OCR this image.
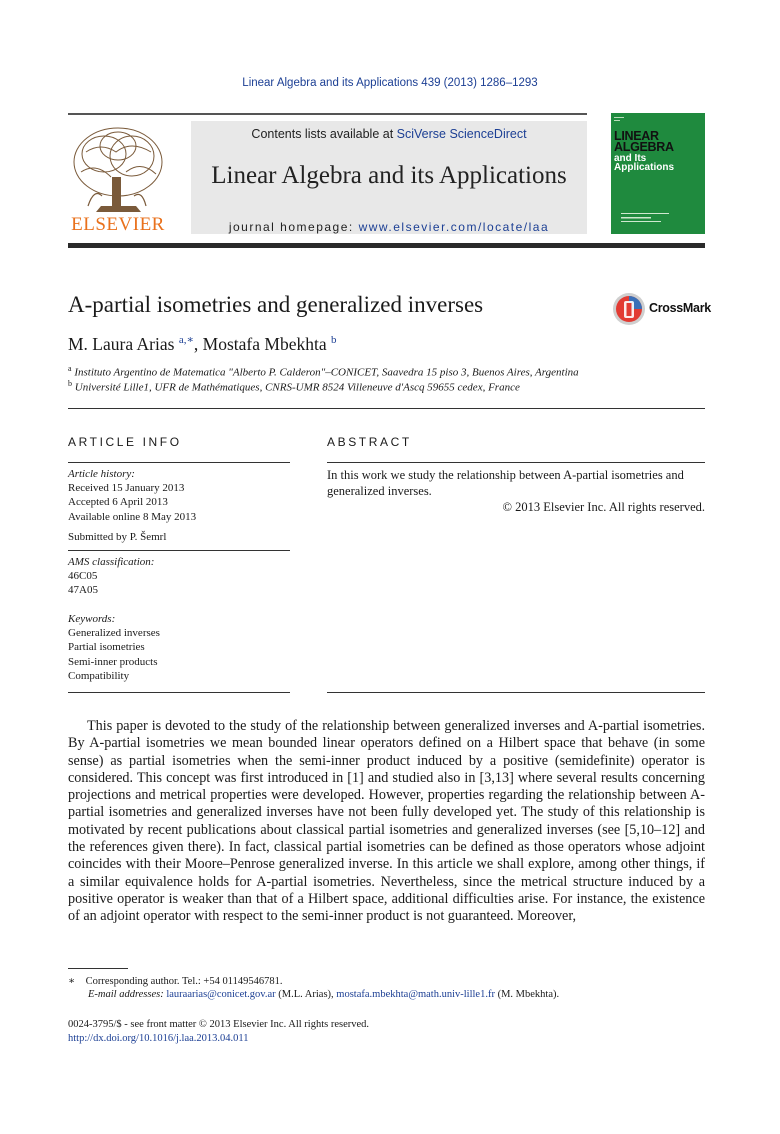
Linear Algebra and its Applications 439 (2013) 1286–1293
ELSEVIER
Contents lists available at SciVerse ScienceDirect
Linear Algebra and its Applications
journal homepage: www.elsevier.com/locate/laa
LINEAR
ALGEBRA
and Its
Applications
A-partial isometries and generalized inverses	CrossMark
M. Laura Arias $^{a,∗}$, Mostafa Mbekhta $^b$
$^a$ Instituto Argentino de Matematica "Alberto P. Calderon"–CONICET, Saavedra 15 piso 3, Buenos Aires, Argentina
$^b$ Université Lille1, UFR de Mathématiques, CNRS-UMR 8524 Villeneuve d'Ascq 59655 cedex, France
ARTICLE INFO
Article history:
Received 15 January 2013
Accepted 6 April 2013
Available online 8 May 2013
Submitted by P. Šemrl
AMS classification:
46C05
47A05
Keywords:
Generalized inverses
Partial isometries
Semi-inner products
Compatibility
ABSTRACT
In this work we study the relationship between A-partial isometries and generalized inverses.
© 2013 Elsevier Inc. All rights reserved.
This paper is devoted to the study of the relationship between generalized inverses and A-partial isometries. By A-partial isometries we mean bounded linear operators defined on a Hilbert space that behave (in some sense) as partial isometries when the semi-inner product induced by a positive (semidefinite) operator is considered. This concept was first introduced in [1] and studied also in [3,13] where several results concerning projections and metrical properties were developed. However, properties regarding the relationship between A-partial isometries and generalized inverses have not been fully developed yet. The study of this relationship is motivated by recent publications about classical partial isometries and generalized inverses (see [5,10–12] and the references given there). In fact, classical partial isometries can be defined as those operators whose adjoint coincides with their Moore–Penrose generalized inverse. In this article we shall explore, among other things, if a similar equivalence holds for A-partial isometries. Nevertheless, since the metrical structure induced by a positive operator is weaker than that of a Hilbert space, additional difficulties arise. For instance, the existence of an adjoint operator with respect to the semi-inner product is not guaranteed. Moreover,
∗ Corresponding author. Tel.: +54 01149546781.
E-mail addresses: lauraarias@conicet.gov.ar (M.L. Arias), mostafa.mbekhta@math.univ-lille1.fr (M. Mbekhta).
0024-3795/$ - see front matter © 2013 Elsevier Inc. All rights reserved.
http://dx.doi.org/10.1016/j.laa.2013.04.011
